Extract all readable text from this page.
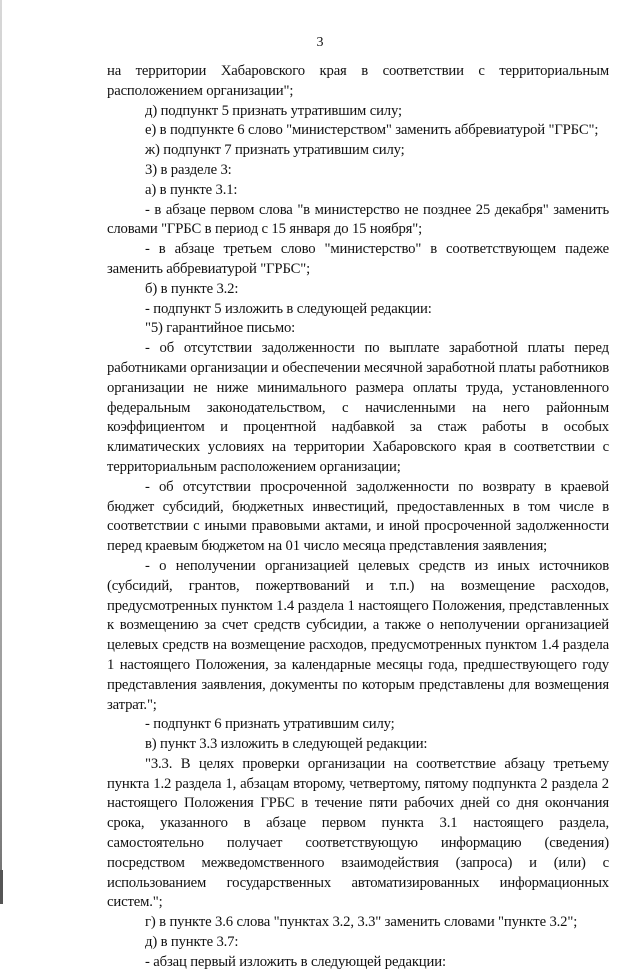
3

на территории Хабаровского края в соответствии с территориальным расположением организации";

д) подпункт 5 признать утратившим силу;

е) в подпункте 6 слово "министерством" заменить аббревиатурой "ГРБС";

ж) подпункт 7 признать утратившим силу;

3) в разделе 3:

а) в пункте 3.1:

- в абзаце первом слова "в министерство не позднее 25 декабря" заменить словами "ГРБС в период с 15 января до 15 ноября";

- в абзаце третьем слово "министерство" в соответствующем падеже заменить аббревиатурой "ГРБС";

б) в пункте 3.2:

- подпункт 5 изложить в следующей редакции:

"5) гарантийное письмо:

- об отсутствии задолженности по выплате заработной платы перед работниками организации и обеспечении месячной заработной платы работников организации не ниже минимального размера оплаты труда, установленного федеральным законодательством, с начисленными на него районным коэффициентом и процентной надбавкой за стаж работы в особых климатических условиях на территории Хабаровского края в соответствии с территориальным расположением организации;

- об отсутствии просроченной задолженности по возврату в краевой бюджет субсидий, бюджетных инвестиций, предоставленных в том числе в соответствии с иными правовыми актами, и иной просроченной задолженности перед краевым бюджетом на 01 число месяца представления заявления;

- о неполучении организацией целевых средств из иных источников (субсидий, грантов, пожертвований и т.п.) на возмещение расходов, предусмотренных пунктом 1.4 раздела 1 настоящего Положения, представленных к возмещению за счет средств субсидии, а также о неполучении организацией целевых средств на возмещение расходов, предусмотренных пунктом 1.4 раздела 1 настоящего Положения, за календарные месяцы года, предшествующего году представления заявления, документы по которым представлены для возмещения затрат.";

- подпункт 6 признать утратившим силу;

в) пункт 3.3 изложить в следующей редакции:

"3.3. В целях проверки организации на соответствие абзацу третьему пункта 1.2 раздела 1, абзацам второму, четвертому, пятому подпункта 2 раздела 2 настоящего Положения ГРБС в течение пяти рабочих дней со дня окончания срока, указанного в абзаце первом пункта 3.1 настоящего раздела, самостоятельно получает соответствующую информацию (сведения) посредством межведомственного взаимодействия (запроса) и (или) с использованием государственных автоматизированных информационных систем.";

г) в пункте 3.6 слова "пунктах 3.2, 3.3" заменить словами "пункте 3.2";

д) в пункте 3.7:

- абзац первый изложить в следующей редакции:
